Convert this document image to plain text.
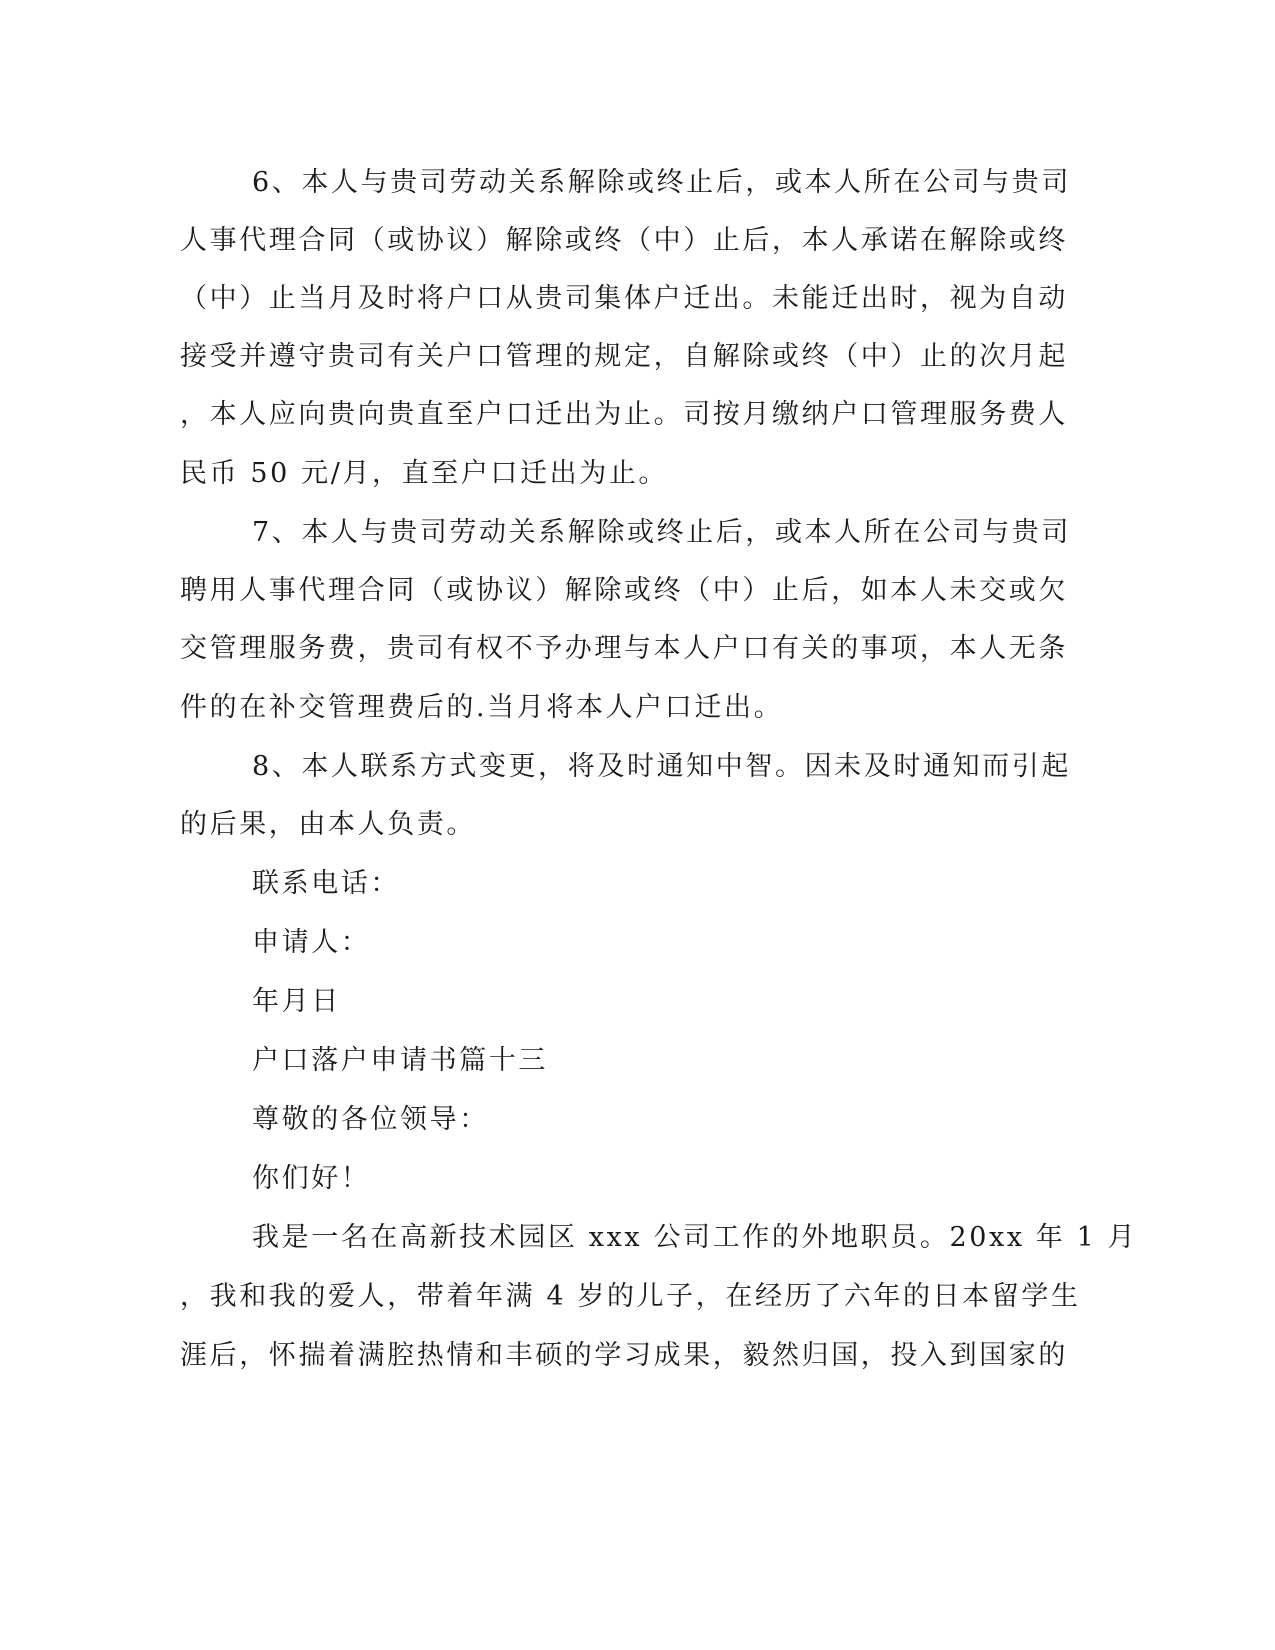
6、本人与贵司劳动关系解除或终止后，或本人所在公司与贵司
人事代理合同（或协议）解除或终（中）止后，本人承诺在解除或终
（中）止当月及时将户口从贵司集体户迁出。未能迁出时，视为自动
接受并遵守贵司有关户口管理的规定，自解除或终（中）止的次月起
，本人应向贵向贵直至户口迁出为止。司按月缴纳户口管理服务费人
民币 50 元/月，直至户口迁出为止。
7、本人与贵司劳动关系解除或终止后，或本人所在公司与贵司
聘用人事代理合同（或协议）解除或终（中）止后，如本人未交或欠
交管理服务费，贵司有权不予办理与本人户口有关的事项，本人无条
件的在补交管理费后的.当月将本人户口迁出。
8、本人联系方式变更，将及时通知中智。因未及时通知而引起
的后果，由本人负责。
联系电话：
申请人：
年月日
户口落户申请书篇十三
尊敬的各位领导：
你们好！
我是一名在高新技术园区 xxx 公司工作的外地职员。20xx 年 1 月
，我和我的爱人，带着年满 4 岁的儿子，在经历了六年的日本留学生
涯后，怀揣着满腔热情和丰硕的学习成果，毅然归国，投入到国家的
